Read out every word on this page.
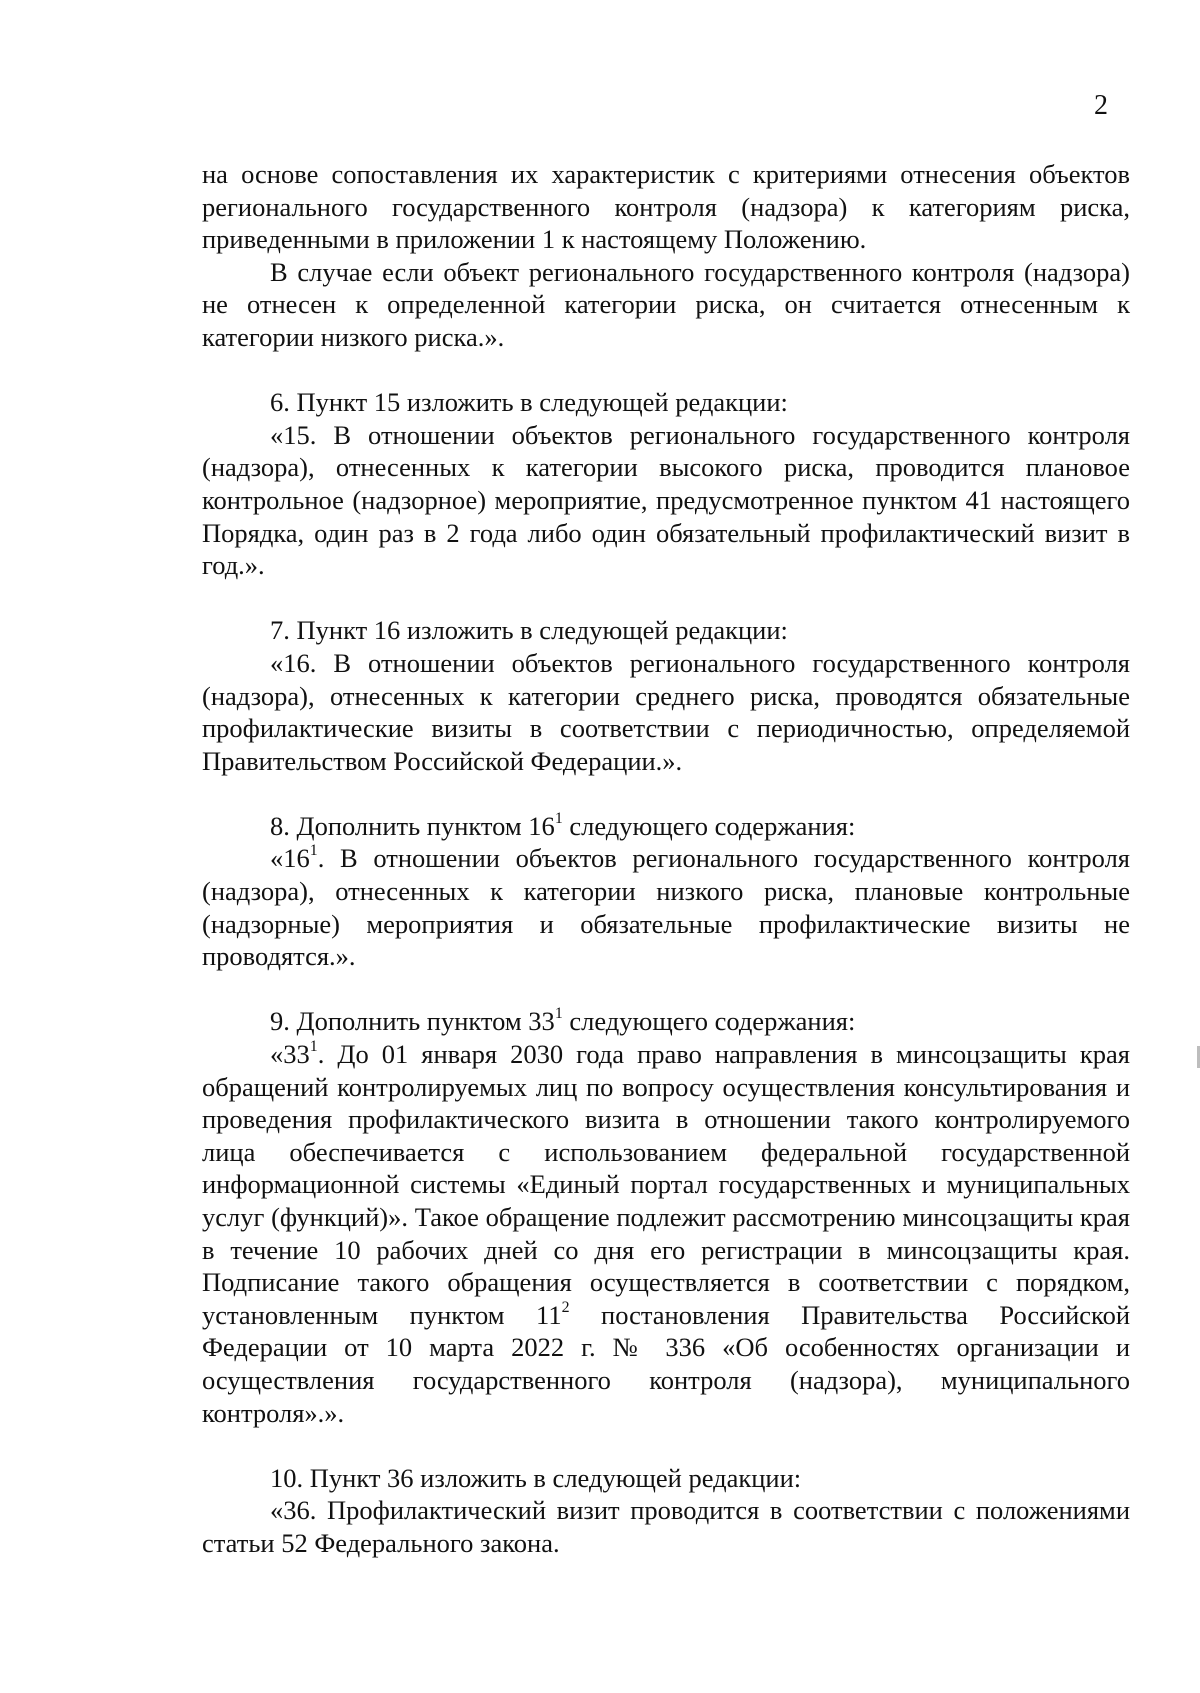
2

на основе сопоставления их характеристик с критериями отнесения объектов регионального государственного контроля (надзора) к категориям риска, приведенными в приложении 1 к настоящему Положению.

В случае если объект регионального государственного контроля (надзора) не отнесен к определенной категории риска, он считается отнесенным к категории низкого риска.».

6. Пункт 15 изложить в следующей редакции:

«15. В отношении объектов регионального государственного контроля (надзора), отнесенных к категории высокого риска, проводится плановое контрольное (надзорное) мероприятие, предусмотренное пунктом 41 настоящего Порядка, один раз в 2 года либо один обязательный профилактический визит в год.».

7. Пункт 16 изложить в следующей редакции:

«16. В отношении объектов регионального государственного контроля (надзора), отнесенных к категории среднего риска, проводятся обязательные профилактические визиты в соответствии с периодичностью, определяемой Правительством Российской Федерации.».

8. Дополнить пунктом $16^1$ следующего содержания:

«$16^1$. В отношении объектов регионального государственного контроля (надзора), отнесенных к категории низкого риска, плановые контрольные (надзорные) мероприятия и обязательные профилактические визиты не проводятся.».

9. Дополнить пунктом $33^1$ следующего содержания:

«$33^1$. До 01 января 2030 года право направления в минсоцзащиты края обращений контролируемых лиц по вопросу осуществления консультирования и проведения профилактического визита в отношении такого контролируемого лица обеспечивается с использованием федеральной государственной информационной системы «Единый портал государственных и муниципальных услуг (функций)». Такое обращение подлежит рассмотрению минсоцзащиты края в течение 10 рабочих дней со дня его регистрации в минсоцзащиты края. Подписание такого обращения осуществляется в соответствии с порядком, установленным пунктом $11^2$ постановления Правительства Российской Федерации от 10 марта 2022 г. № 336 «Об особенностях организации и осуществления государственного контроля (надзора), муниципального контроля».».

10. Пункт 36 изложить в следующей редакции:

«36. Профилактический визит проводится в соответствии с положениями статьи 52 Федерального закона.
